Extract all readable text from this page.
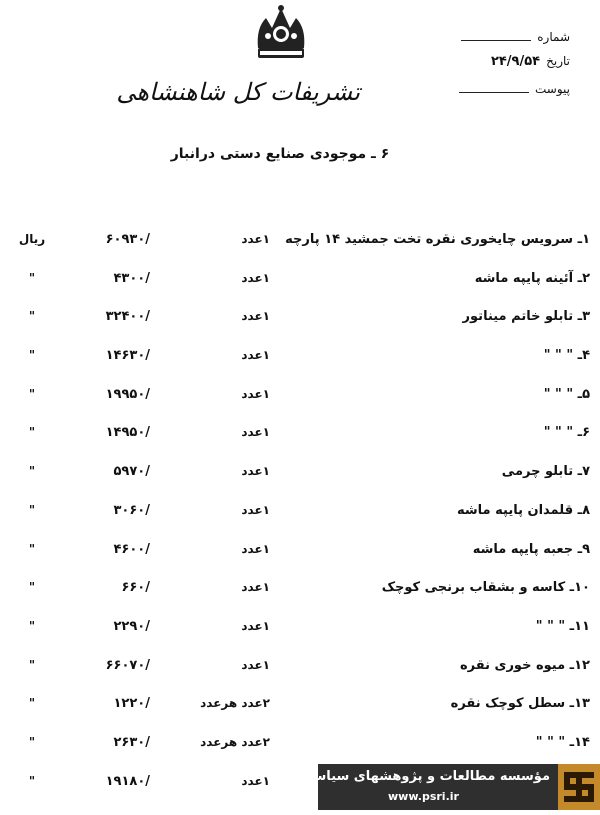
تشریفات کل شاهنشاهی
شماره
تاریخ
۲۴/۹/۵۴
پیوست
۶ ـ موجودی صنایع دستی درانبار
۱ـ سرویس چایخوری نقره تخت جمشید ۱۴ پارچه
۱عدد
۶۰۹۳۰/
ریال
۲ـ آئینه پایپه ماشه
۱عدد
۴۳۰۰/
"
۳ـ تابلو خاتم میناتور
۱عدد
۳۲۴۰۰/
"
۴ـ " " "
۱عدد
۱۴۶۳۰/
"
۵ـ " " "
۱عدد
۱۹۹۵۰/
"
۶ـ " " "
۱عدد
۱۴۹۵۰/
"
۷ـ تابلو چرمی
۱عدد
۵۹۷۰/
"
۸ـ قلمدان پایپه ماشه
۱عدد
۳۰۶۰/
"
۹ـ جعبه پایپه ماشه
۱عدد
۴۶۰۰/
"
۱۰ـ کاسه و بشقاب برنجی کوچک
۱عدد
۶۶۰/
"
۱۱ـ " " "
۱عدد
۲۲۹۰/
"
۱۲ـ میوه خوری نقره
۱عدد
۶۶۰۷۰/
"
۱۳ـ سطل کوچک نقره
۲عدد هرعدد
۱۲۲۰/
"
۱۴ـ " " "
۲عدد هرعدد
۲۶۳۰/
"
۱عدد
۱۹۱۸۰/
"	مؤسسه مطالعات و پژوهشهای سیاسی
www.psri.ir
